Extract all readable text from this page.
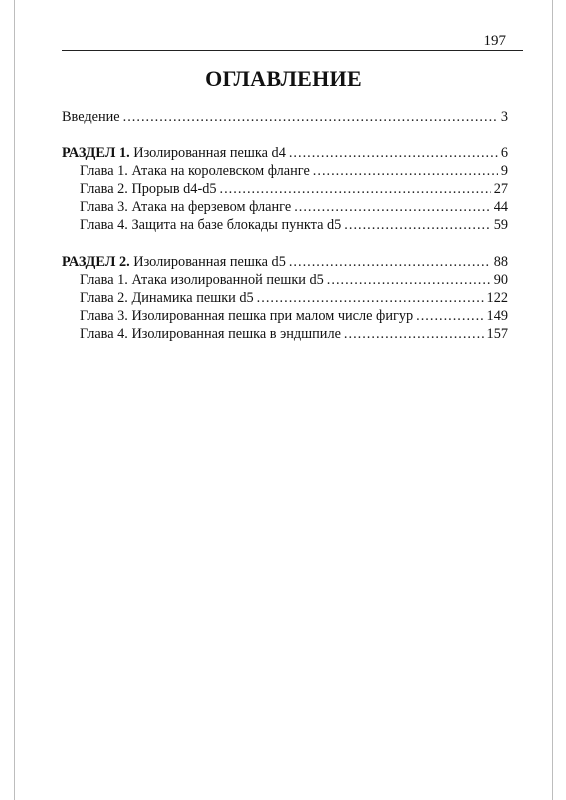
197
ОГЛАВЛЕНИЕ
Введение .....	3
РАЗДЕЛ 1. Изолированная пешка d4 .....	6
Глава 1. Атака на королевском фланге .....	9
Глава 2. Прорыв d4-d5 .....	27
Глава 3. Атака на ферзевом фланге .....	44
Глава 4. Защита на базе блокады пункта d5 .....	59
РАЗДЕЛ 2. Изолированная пешка d5 .....	88
Глава 1. Атака изолированной пешки d5 .....	90
Глава 2. Динамика пешки d5 .....	122
Глава 3. Изолированная пешка при малом числе фигур .....	149
Глава 4. Изолированная пешка в эндшпиле .....	157
